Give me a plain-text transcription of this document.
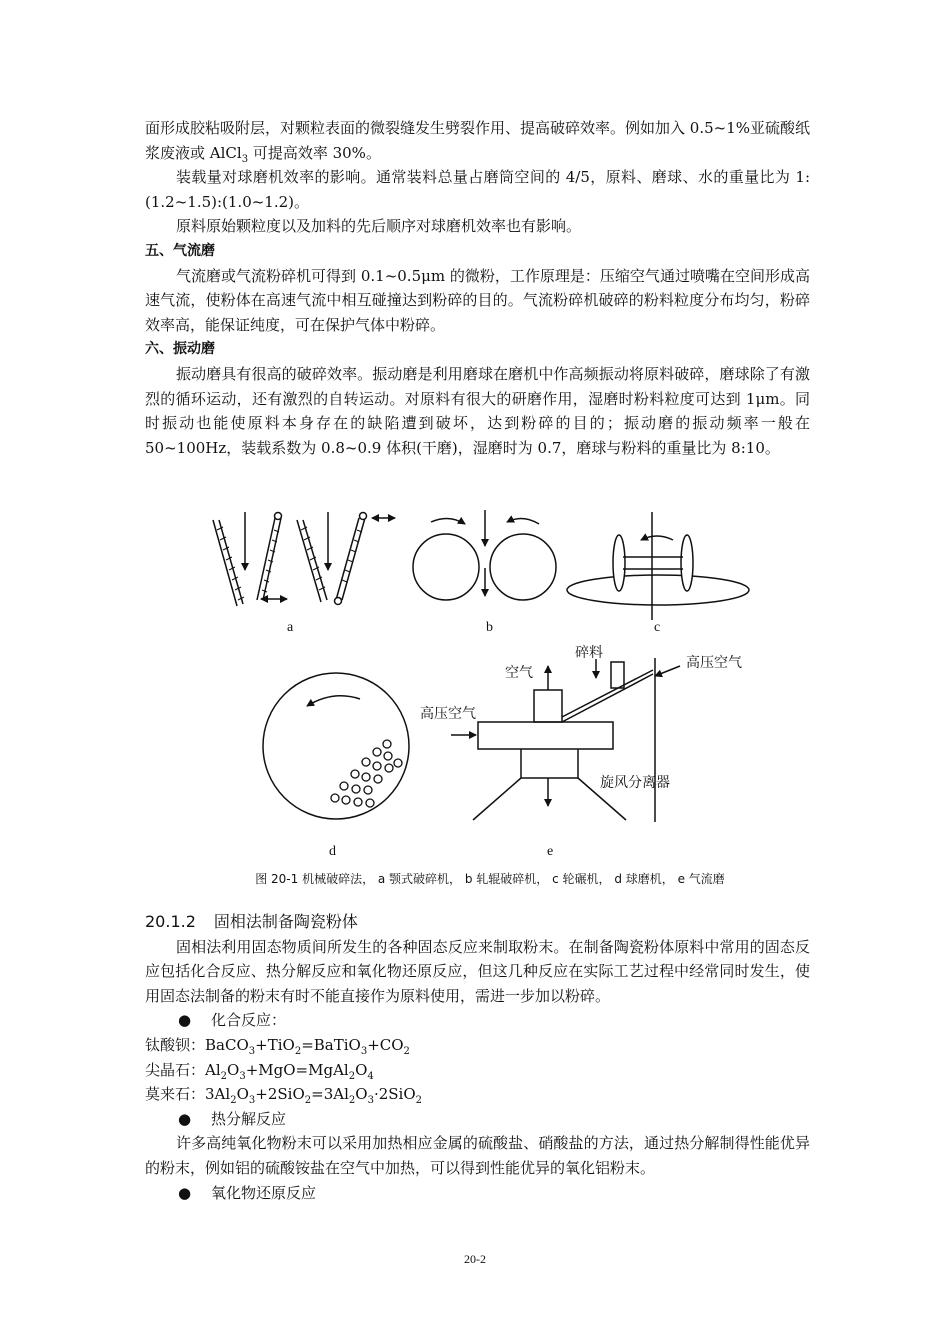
面形成胶粘吸附层，对颗粒表面的微裂缝发生劈裂作用、提高破碎效率。例如加入 0.5~1%亚硫酸纸浆废液或 AlCl$_3$ 可提高效率 30%。

装载量对球磨机效率的影响。通常装料总量占磨筒空间的 4/5，原料、磨球、水的重量比为 1:(1.2~1.5):(1.0~1.2)。

原料原始颗粒度以及加料的先后顺序对球磨机效率也有影响。

五、气流磨

气流磨或气流粉碎机可得到 0.1~0.5μm 的微粉，工作原理是：压缩空气通过喷嘴在空间形成高速气流，使粉体在高速气流中相互碰撞达到粉碎的目的。气流粉碎机破碎的粉料粒度分布均匀，粉碎效率高，能保证纯度，可在保护气体中粉碎。

六、振动磨

振动磨具有很高的破碎效率。振动磨是利用磨球在磨机中作高频振动将原料破碎，磨球除了有激烈的循环运动，还有激烈的自转运动。对原料有很大的研磨作用，湿磨时粉料粒度可达到 1μm。同时振动也能使原料本身存在的缺陷遭到破坏，达到粉碎的目的；振动磨的振动频率一般在 50~100Hz，装载系数为 0.8~0.9 体积(干磨)，湿磨时为 0.7，磨球与粉料的重量比为 8:10。

a	b	c
d	e
空气
碎料
高压空气
高压空气
旋风分离器
图 20-1 机械破碎法， a 颚式破碎机， b 轧辊破碎机， c 轮碾机， d 球磨机， e 气流磨

20.1.2 固相法制备陶瓷粉体

固相法利用固态物质间所发生的各种固态反应来制取粉末。在制备陶瓷粉体原料中常用的固态反应包括化合反应、热分解反应和氧化物还原反应，但这几种反应在实际工艺过程中经常同时发生，使用固态法制备的粉末有时不能直接作为原料使用，需进一步加以粉碎。

● 化合反应：

钛酸钡：$BaCO_3+TiO_2=BaTiO_3+CO_2$

尖晶石：$Al_2O_3+MgO=MgAl_2O_4$

莫来石：$3Al_2O_3+2SiO_2=3Al_2O_3\cdot 2SiO_2$

● 热分解反应

许多高纯氧化物粉末可以采用加热相应金属的硫酸盐、硝酸盐的方法，通过热分解制得性能优异的粉末，例如铝的硫酸铵盐在空气中加热，可以得到性能优异的氧化铝粉末。

● 氧化物还原反应

20-2
